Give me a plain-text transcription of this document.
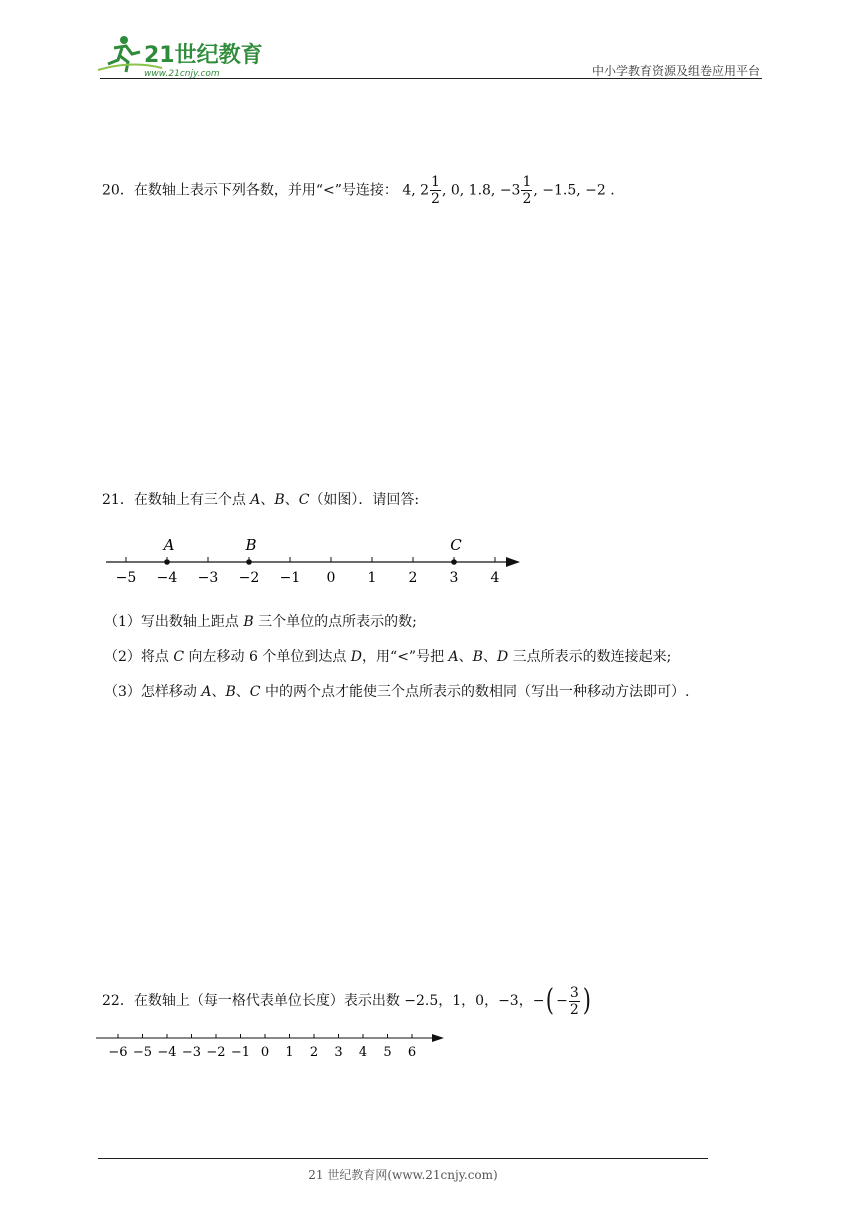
21世纪教育
www.21cnjy.com	中小学教育资源及组卷应用平台
20．在数轴上表示下列各数，并用“<”号连接： 4, $2 \frac{1}{2}$ , 0, 1.8, $-3 \frac{1}{2}$ , −1.5, −2 .
21．在数轴上有三个点 A、B、C（如图）．请回答:
−5 −4 −3 −2 −1 0 1 2 3 4
A	B	C
（1）写出数轴上距点 B 三个单位的点所表示的数;
（2）将点 C 向左移动 6 个单位到达点 D，用“<”号把 A、B、D 三点所表示的数连接起来;
（3）怎样移动 A、B、C 中的两个点才能使三个点所表示的数相同（写出一种移动方法即可）.
22．在数轴上（每一格代表单位长度）表示出数 −2.5，1，0，−3，−( − $\frac{3}{2}$ )
−6 −5 −4 −3 −2 −1 0 1 2 3 4 5 6
21 世纪教育网(www.21cnjy.com)
